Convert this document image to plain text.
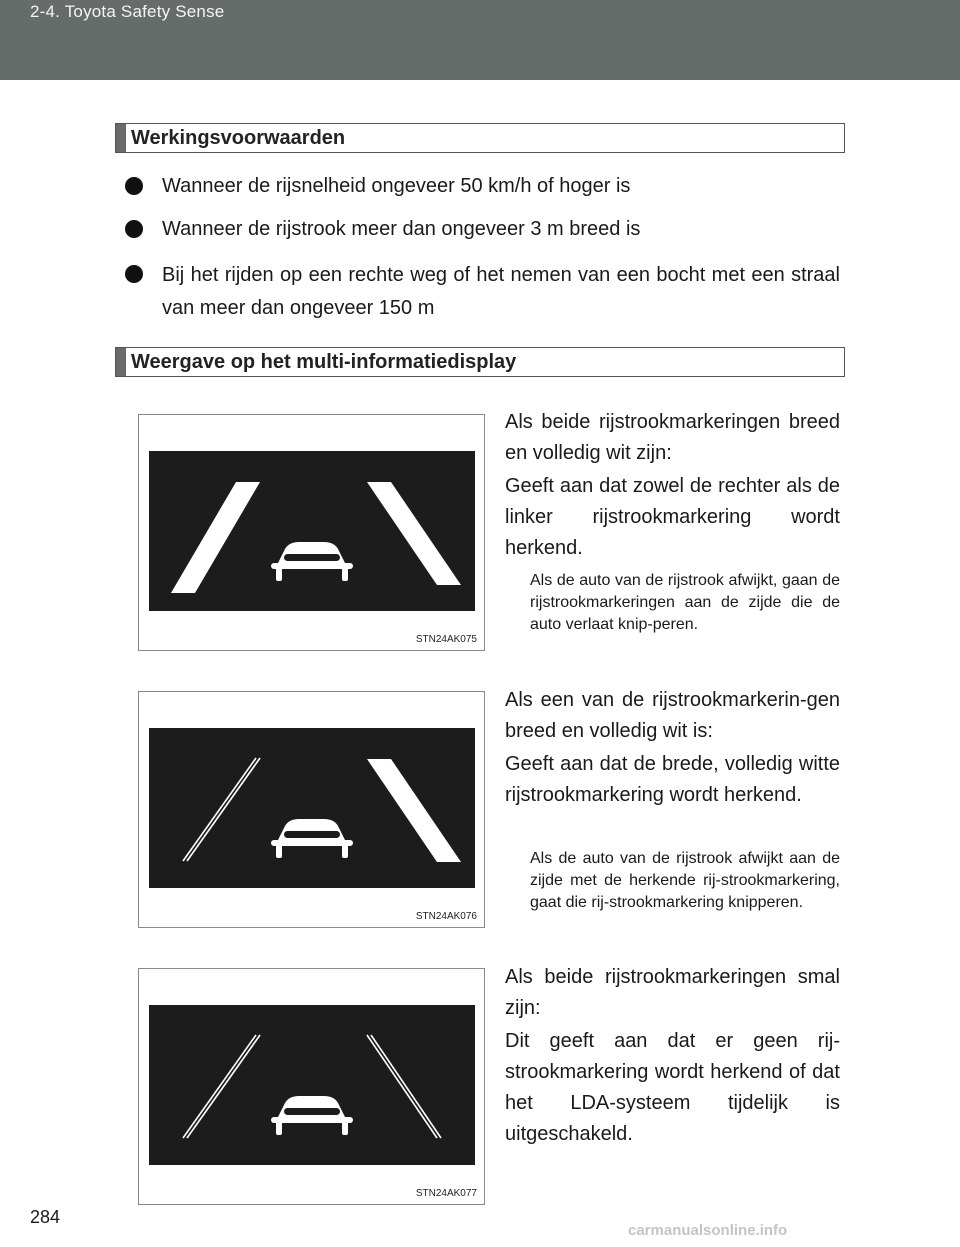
2-4. Toyota Safety Sense
Werkingsvoorwaarden
Wanneer de rijsnelheid ongeveer 50 km/h of hoger is
Wanneer de rijstrook meer dan ongeveer 3 m breed is
Bij het rijden op een rechte weg of het nemen van een bocht met een straal van meer dan ongeveer 150 m
Weergave op het multi-informatiedisplay
STN24AK075
Als beide rijstrookmarkeringen breed en volledig wit zijn:
Geeft aan dat zowel de rechter als de linker rijstrookmarkering wordt herkend.
Als de auto van de rijstrook afwijkt, gaan de rijstrookmarkeringen aan de zijde die de auto verlaat knip-peren.
STN24AK076
Als een van de rijstrookmarkerin-gen breed en volledig wit is:
Geeft aan dat de brede, volledig witte rijstrookmarkering wordt herkend.
Als de auto van de rijstrook afwijkt aan de zijde met de herkende rij-strookmarkering, gaat die rij-strookmarkering knipperen.
STN24AK077
Als beide rijstrookmarkeringen smal zijn:
Dit geeft aan dat er geen rij-strookmarkering wordt herkend of dat het LDA-systeem tijdelijk is uitgeschakeld.
284
carmanualsonline.info
